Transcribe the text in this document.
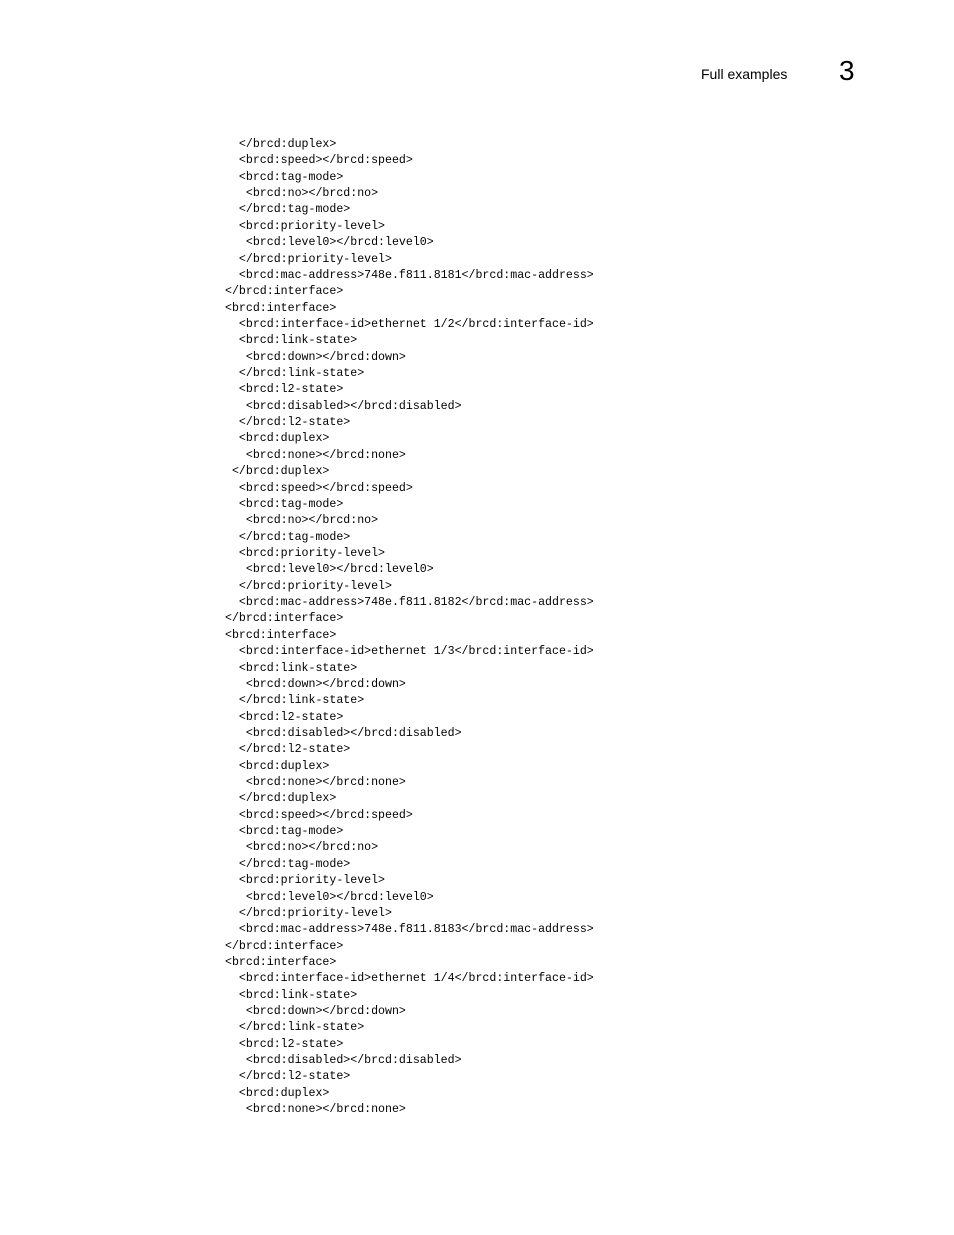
Full examples 3
</brcd:duplex>
<brcd:speed></brcd:speed>
<brcd:tag-mode>
<brcd:no></brcd:no>
</brcd:tag-mode>
<brcd:priority-level>
<brcd:level0></brcd:level0>
</brcd:priority-level>
<brcd:mac-address>748e.f811.8181</brcd:mac-address>
</brcd:interface>
<brcd:interface>
<brcd:interface-id>ethernet 1/2</brcd:interface-id>
<brcd:link-state>
<brcd:down></brcd:down>
</brcd:link-state>
<brcd:l2-state>
<brcd:disabled></brcd:disabled>
</brcd:l2-state>
<brcd:duplex>
<brcd:none></brcd:none>
</brcd:duplex>
<brcd:speed></brcd:speed>
<brcd:tag-mode>
<brcd:no></brcd:no>
</brcd:tag-mode>
<brcd:priority-level>
<brcd:level0></brcd:level0>
</brcd:priority-level>
<brcd:mac-address>748e.f811.8182</brcd:mac-address>
</brcd:interface>
<brcd:interface>
<brcd:interface-id>ethernet 1/3</brcd:interface-id>
<brcd:link-state>
<brcd:down></brcd:down>
</brcd:link-state>
<brcd:l2-state>
<brcd:disabled></brcd:disabled>
</brcd:l2-state>
<brcd:duplex>
<brcd:none></brcd:none>
</brcd:duplex>
<brcd:speed></brcd:speed>
<brcd:tag-mode>
<brcd:no></brcd:no>
</brcd:tag-mode>
<brcd:priority-level>
<brcd:level0></brcd:level0>
</brcd:priority-level>
<brcd:mac-address>748e.f811.8183</brcd:mac-address>
</brcd:interface>
<brcd:interface>
<brcd:interface-id>ethernet 1/4</brcd:interface-id>
<brcd:link-state>
<brcd:down></brcd:down>
</brcd:link-state>
<brcd:l2-state>
<brcd:disabled></brcd:disabled>
</brcd:l2-state>
<brcd:duplex>
<brcd:none></brcd:none>
